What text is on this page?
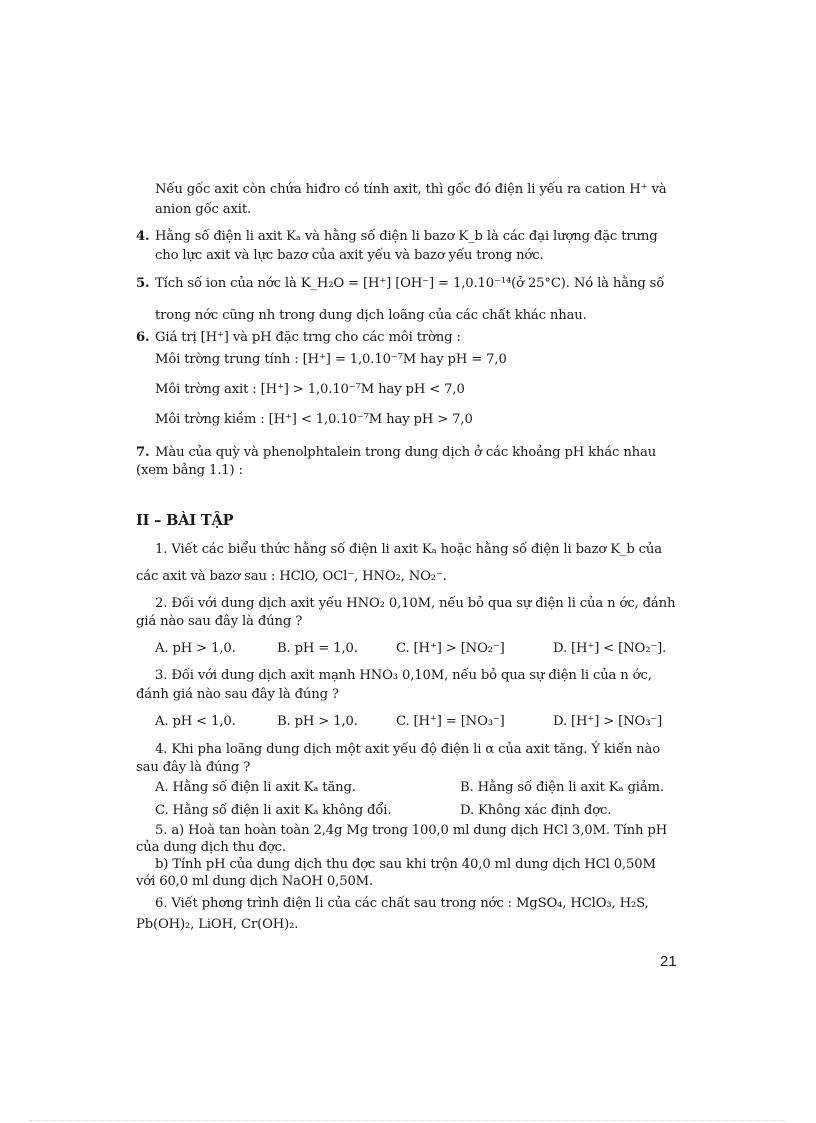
Nếu gốc axit còn chứa hiđro có tính axit, thì gốc đó điện li yếu ra cation H⁺ và
anion gốc axit.
4. Hằng số điện li axit Kₐ và hằng số điện li bazơ K_b là các đại lượng đặc trưng
cho lực axit và lực bazơ của axit yếu và bazơ yếu trong nớc.
5. Tích số ion của nớc là K_H₂O = [H⁺] [OH⁻] = 1,0.10⁻¹⁴(ở 25°C). Nó là hằng số
trong nớc cũng nh trong dung dịch loãng của các chất khác nhau.
6. Giá trị [H⁺] và pH đặc trng cho các môi trờng :
Môi trờng trung tính : [H⁺] = 1,0.10⁻⁷M hay pH = 7,0
Môi trờng axit : [H⁺] > 1,0.10⁻⁷M hay pH < 7,0
Môi trờng kiềm : [H⁺] < 1,0.10⁻⁷M hay pH > 7,0
7. Màu của quỳ và phenolphtalein trong dung dịch ở các khoảng pH khác nhau
(xem bảng 1.1) :
II – BÀI TẬP
1. Viết các biểu thức hằng số điện li axit Kₐ hoặc hằng số điện li bazơ K_b của
các axit và bazơ sau : HClO, OCl⁻, HNO₂, NO₂⁻.
2. Đối với dung dịch axit yếu HNO₂ 0,10M, nếu bỏ qua sự điện li của n ớc, đánh
giá nào sau đây là đúng ?
A. pH > 1,0.	B. pH = 1,0.	C. [H⁺] > [NO₂⁻]	D. [H⁺] < [NO₂⁻].
3. Đối với dung dịch axit mạnh HNO₃ 0,10M, nếu bỏ qua sự điện li của n ớc,
đánh giá nào sau đây là đúng ?
A. pH < 1,0.	B. pH > 1,0.	C. [H⁺] = [NO₃⁻]	D. [H⁺] > [NO₃⁻]
4. Khi pha loãng dung dịch một axit yếu độ điện li α của axit tăng. Ý kiến nào
sau đây là đúng ?
A. Hằng số điện li axit Kₐ tăng.	B. Hằng số điện li axit Kₐ giảm.
C. Hằng số điện li axit Kₐ không đổi.	D. Không xác định đợc.
5. a) Hoà tan hoàn toàn 2,4g Mg trong 100,0 ml dung dịch HCl 3,0M. Tính pH
của dung dịch thu đợc.
b) Tính pH của dung dịch thu đợc sau khi trộn 40,0 ml dung dịch HCl 0,50M
với 60,0 ml dung dịch NaOH 0,50M.
6. Viết phơng trình điện li của các chất sau trong nớc : MgSO₄, HClO₃, H₂S,
Pb(OH)₂, LiOH, Cr(OH)₂.
21
